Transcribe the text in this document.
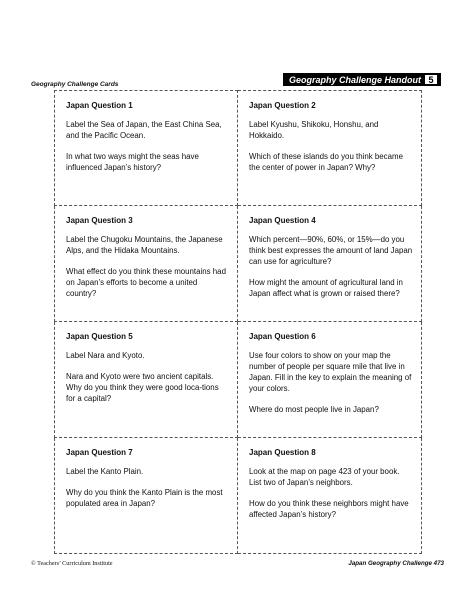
Geography Challenge Cards	Geography Challenge Handout 5

Japan Question 1

Label the Sea of Japan, the East China Sea, and the Pacific Ocean.

In what two ways might the seas have influenced Japan’s history?

Japan Question 2

Label Kyushu, Shikoku, Honshu, and Hokkaido.

Which of these islands do you think became the center of power in Japan? Why?

Japan Question 3

Label the Chugoku Mountains, the Japanese Alps, and the Hidaka Mountains.

What effect do you think these mountains had on Japan’s efforts to become a united country?

Japan Question 4

Which percent—90%, 60%, or 15%—do you think best expresses the amount of land Japan can use for agriculture?

How might the amount of agricultural land in Japan affect what is grown or raised there?

Japan Question 5

Label Nara and Kyoto.

Nara and Kyoto were two ancient capitals. Why do you think they were good loca-tions for a capital?

Japan Question 6

Use four colors to show on your map the number of people per square mile that live in Japan. Fill in the key to explain the meaning of your colors.

Where do most people live in Japan?

Japan Question 7

Label the Kanto Plain.

Why do you think the Kanto Plain is the most populated area in Japan?

Japan Question 8

Look at the map on page 423 of your book. List two of Japan’s neighbors.

How do you think these neighbors might have affected Japan’s history?

© Teachers’ Curriculum Institute	Japan Geography Challenge 473
